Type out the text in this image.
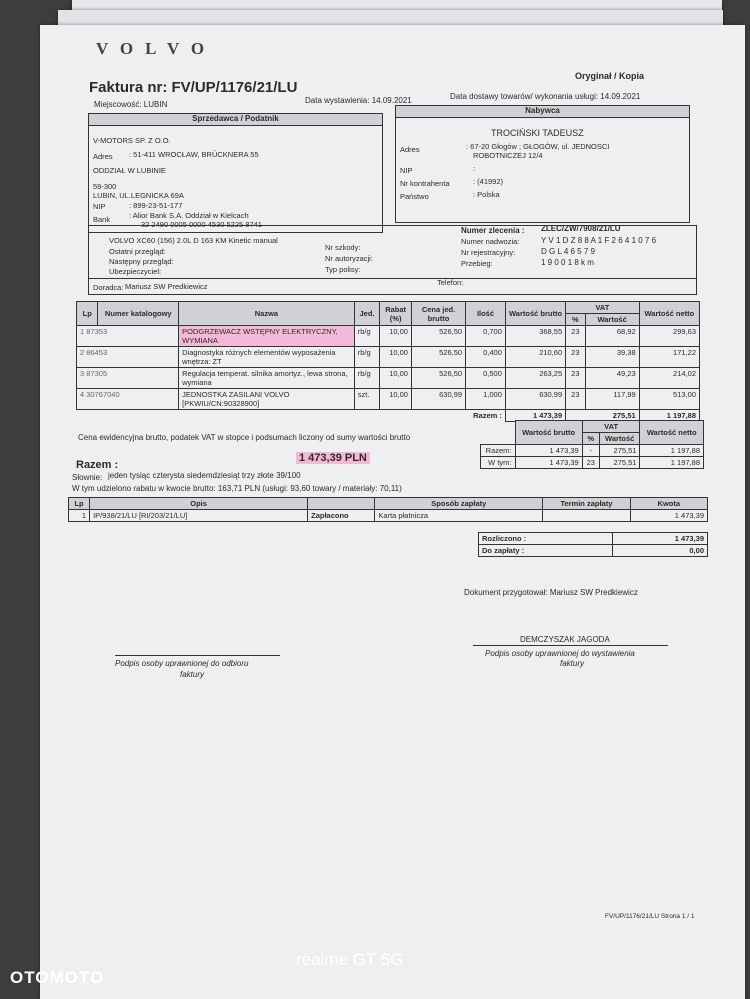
VOLVO
Faktura nr: FV/UP/1176/21/LU
Oryginał / Kopia
Miejscowość: LUBIN	Data wystawienia: 14.09.2021	Data dostawy towarów/ wykonania usługi: 14.09.2021
Sprzedawca / Podatnik
V-MOTORS SP. Z O.O.
Adres : 51-411 WROCŁAW, BRÜCKNERA 55
ODDZIAŁ W LUBINIE
59-300
LUBIN, UL.LEGNICKA 69A
NIP	: 899-23-51-177
Bank	: Alior Bank S.A. Oddział w Kielcach
32 2490 0005 0000 4530 5225 8741
Nabywca
TROCIŃSKI TADEUSZ
Adres	: 67-20 Głogów ; GŁOGÓW, ul. JEDNOSCI
ROBOTNICZEJ 12/4
NIP	:
Nr kontrahenta	: (41992)
Państwo	: Polska
Numer zlecenia : ZLEC/ZW/7908/21/LU
VOLVO XC60 (156) 2.0L D 163 KM Kinetic manual
Ostatni przegląd:
Następny przegląd:
Ubezpieczyciel:
Nr szkody:
Nr autoryzacji:
Typ polisy:
Numer nadwozia:	Y V 1 D Z 8 8 A 1 F 2 6 4 1 0 7 6
Nr rejestracyjny:	D G L 4 6 5 7 9
Przebieg:	1 9 0 0 1 8 k m
Doradca: Mariusz SW Predkiewicz	Telefon:
Lp	Numer katalogowy	Nazwa	Jed.	Rabat (%)	Cena jed. brutto	Ilość	Wartość brutto	VAT		Wartość netto
								%	Wartość	
1 87353		PODGRZEWACZ WSTĘPNY ELEKTRYCZNY, WYMIANA	rb/g	10,00	526,50	0,700	368,55	23	68,92	299,63
2 86453		Diagnostyka różnych elementów wyposażenia wnętrza: ZT	rb/g	10,00	526,50	0,400	210,60	23	39,38	171,22
3 87305		Regulacja temperat. silnika amortyz., lewa strona, wymiana	rb/g	10,00	526,50	0,500	263,25	23	49,23	214,02
4 30767040		JEDNOSTKA ZASILANI VOLVO [PKWIU/CN:90328900]	szt.	10,00	630,99	1,000	630,99	23	117,99	513,00
Razem :							1 473,39	275,51		1 197,88
Cena ewidencyjna brutto, podatek VAT w stopce i podsumach liczony od sumy wartości brutto
	Wartość brutto	VAT		Wartość netto
		%	Wartość	
Razem:	1 473,39	-	275,51	1 197,88
W tym:	1 473,39	23	275,51	1 197,88
Razem :
1 473,39 PLN
Słownie: jeden tysiąc czterysta siedemdziesiąt trzy złote 39/100
W tym udzielono rabatu w kwocie brutto: 163,71 PLN (usługi: 93,60 towary / materiały: 70,11)
Lp	Opis		Sposób zapłaty	Termin zapłaty	Kwota
1	IP/938/21/LU [RI/203/21/LU]	Zapłacono	Karta płatnicza		1 473,39
Rozliczono :	1 473,39
Do zapłaty :	0,00
Dokument przygotował: Mariusz SW Predkiewicz
DEMCZYSZAK JAGODA
Podpis osoby uprawnionej do odbioru
faktury
Podpis osoby uprawnionej do wystawienia
faktury
FV/UP/1176/21/LU Strona 1 / 1
realme GT 5G
OTOMOTO
